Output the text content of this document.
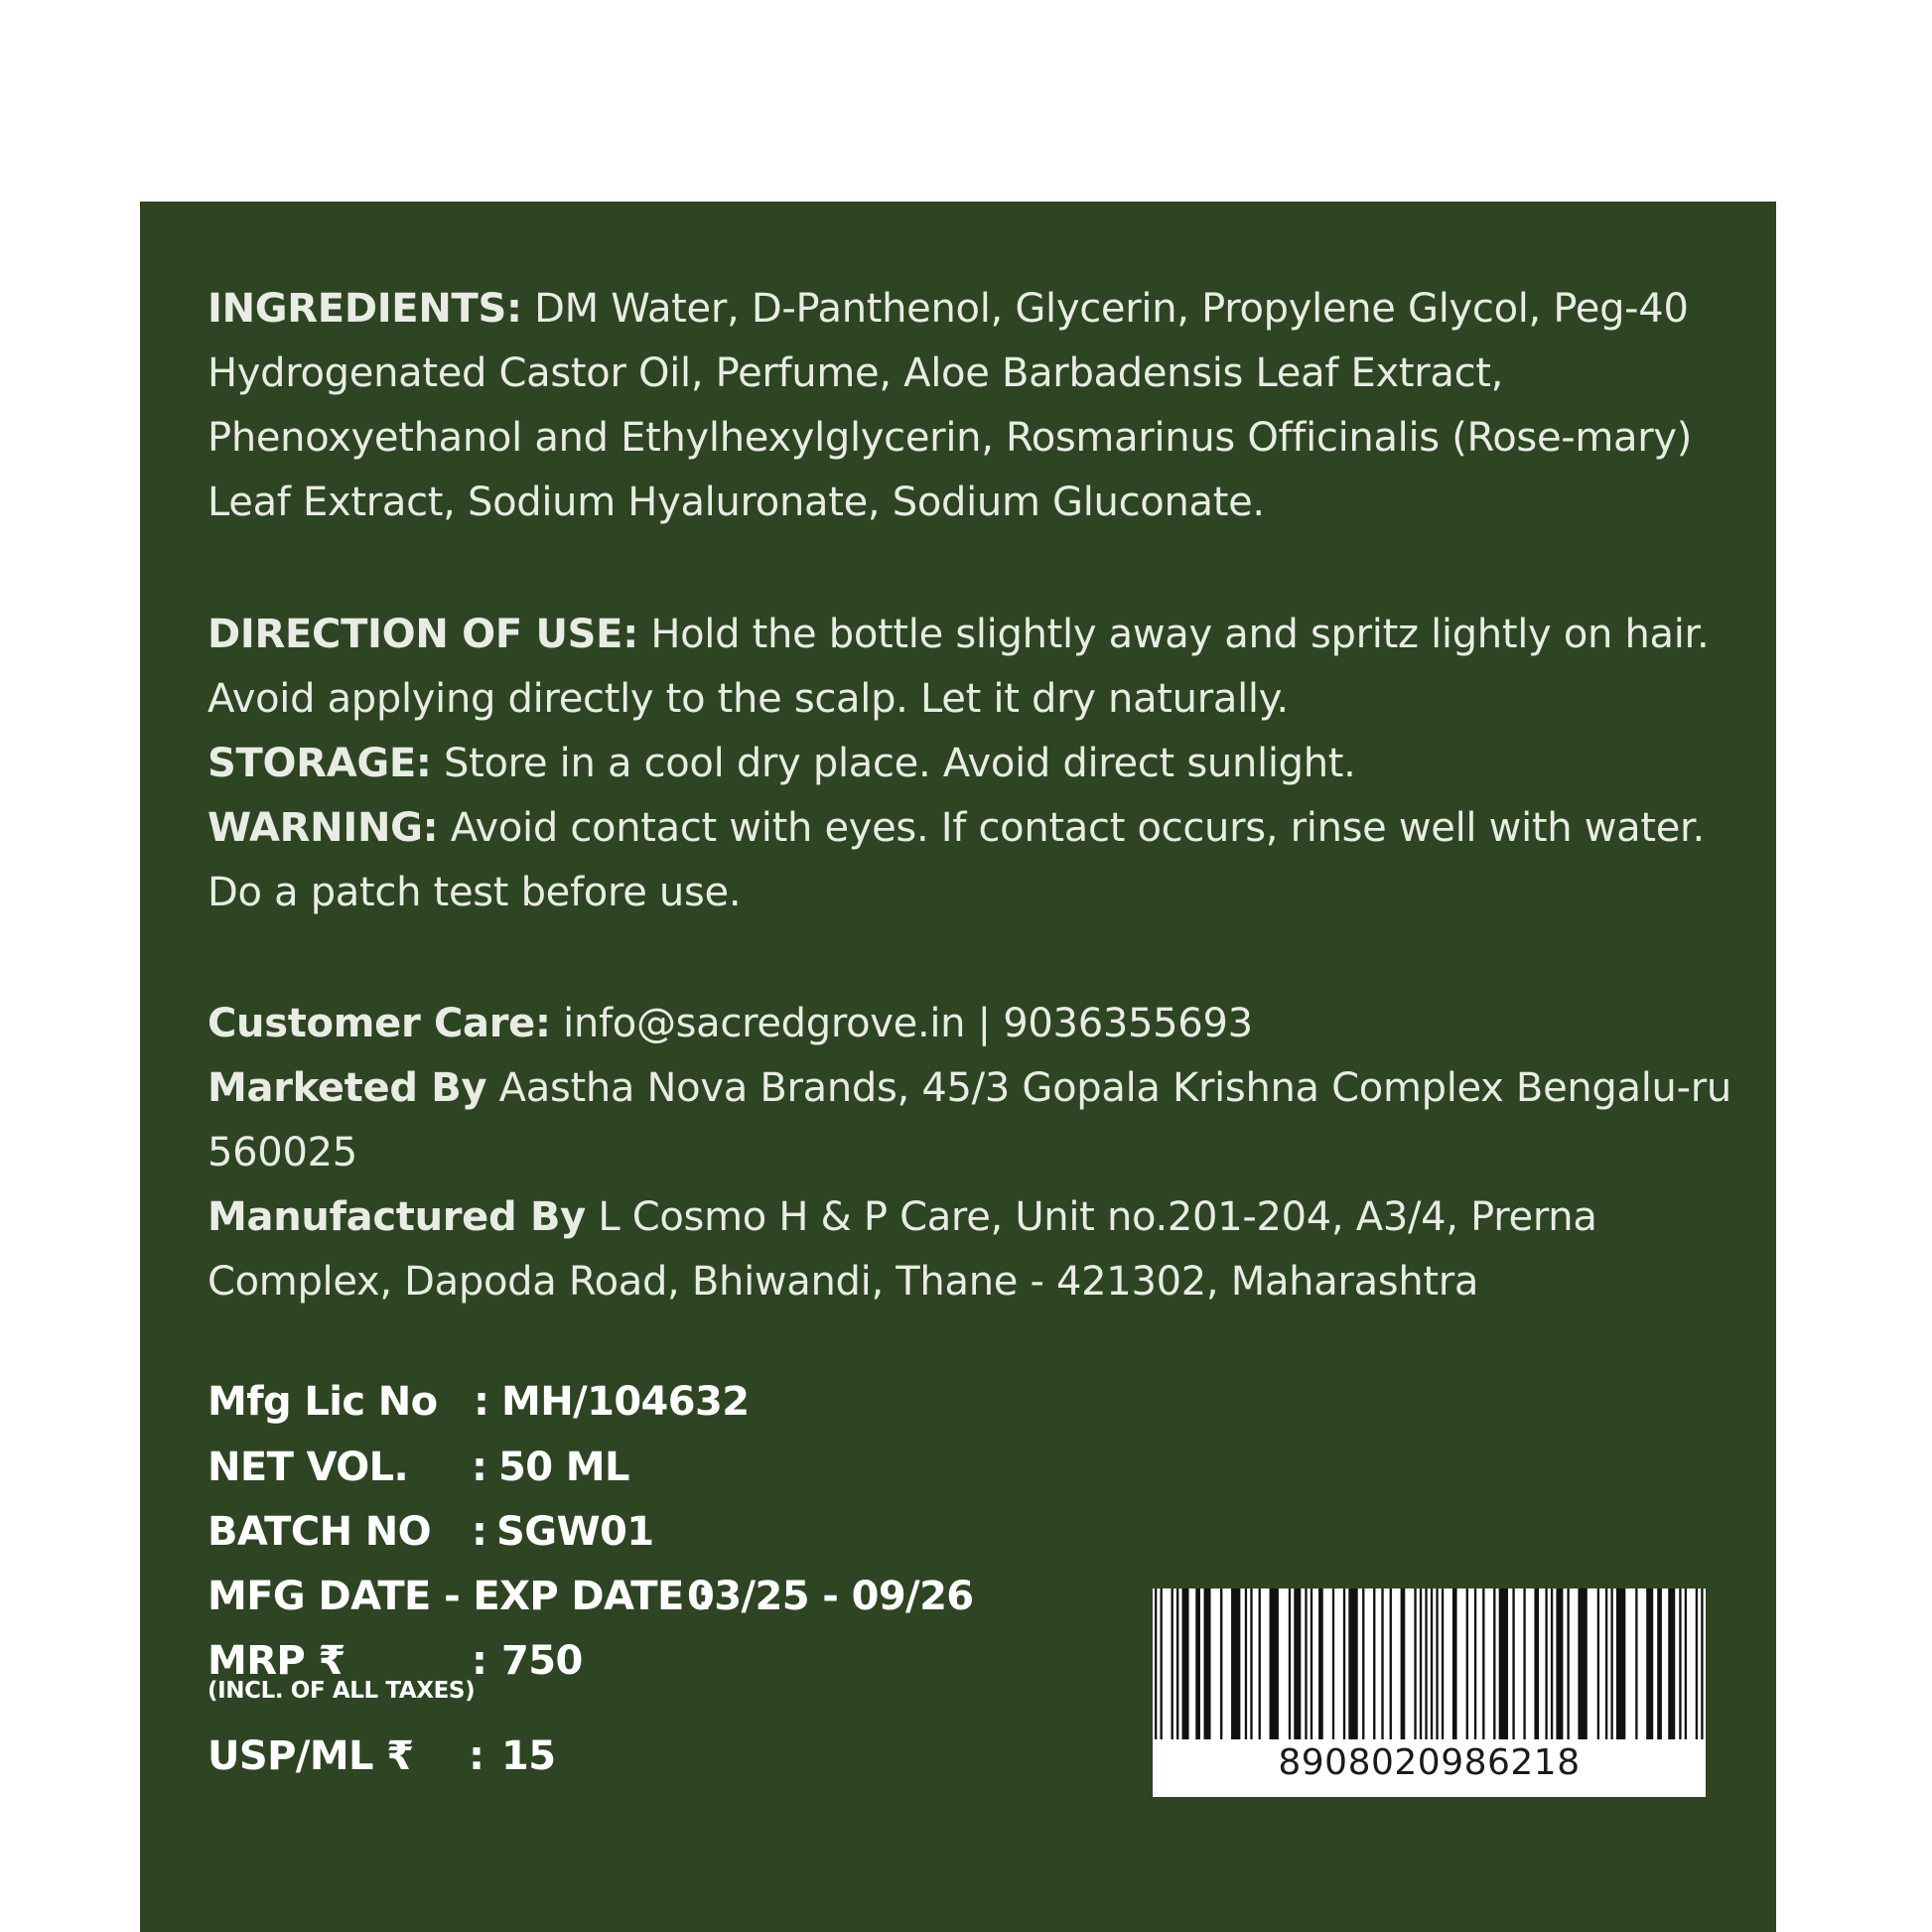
INGREDIENTS: DM Water, D-Panthenol, Glycerin, Propylene Glycol, Peg-40 Hydrogenated Castor Oil, Perfume, Aloe Barbadensis Leaf Extract, Phenoxyethanol and Ethylhexylglycerin, Rosmarinus Officinalis (Rose-mary) Leaf Extract, Sodium Hyaluronate, Sodium Gluconate.

DIRECTION OF USE: Hold the bottle slightly away and spritz lightly on hair. Avoid applying directly to the scalp. Let it dry naturally.

STORAGE: Store in a cool dry place. Avoid direct sunlight.

WARNING: Avoid contact with eyes. If contact occurs, rinse well with water. Do a patch test before use.

Customer Care: info@sacredgrove.in | 9036355693

Marketed By Aastha Nova Brands, 45/3 Gopala Krishna Complex Bengalu-ru 560025

Manufactured By L Cosmo H & P Care, Unit no.201-204, A3/4, Prerna Complex, Dapoda Road, Bhiwandi, Thane - 421302, Maharashtra

Mfg Lic No : MH/104632
NET VOL. : 50 ML
BATCH NO : SGW01
MFG DATE - EXP DATE :
03/25 - 09/26
MRP ₹	: 750
(INCL. OF ALL TAXES)
USP/ML ₹ : 15	8908020986218
